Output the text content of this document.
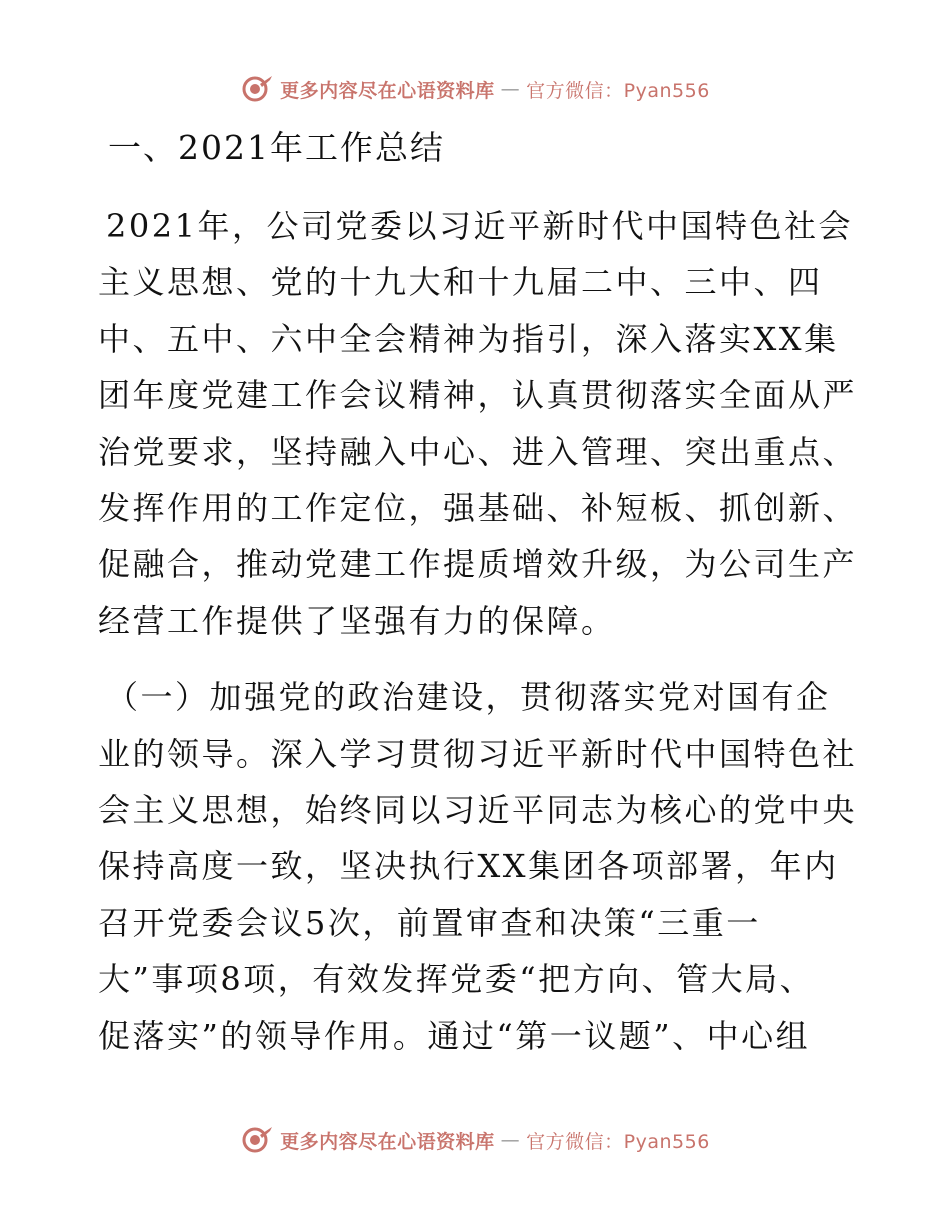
更多内容尽在心语资料库 — 官方微信：Pyan556
一、2021年工作总结
2021年，公司党委以习近平新时代中国特色社会
主义思想、党的十九大和十九届二中、三中、四
中、五中、六中全会精神为指引，深入落实XX集
团年度党建工作会议精神，认真贯彻落实全面从严
治党要求，坚持融入中心、进入管理、突出重点、
发挥作用的工作定位，强基础、补短板、抓创新、
促融合，推动党建工作提质增效升级，为公司生产
经营工作提供了坚强有力的保障。
（一）加强党的政治建设，贯彻落实党对国有企
业的领导。深入学习贯彻习近平新时代中国特色社
会主义思想，始终同以习近平同志为核心的党中央
保持高度一致，坚决执行XX集团各项部署，年内
召开党委会议5次，前置审查和决策“三重一
大”事项8项，有效发挥党委“把方向、管大局、
促落实”的领导作用。通过“第一议题”、中心组
更多内容尽在心语资料库 — 官方微信：Pyan556
